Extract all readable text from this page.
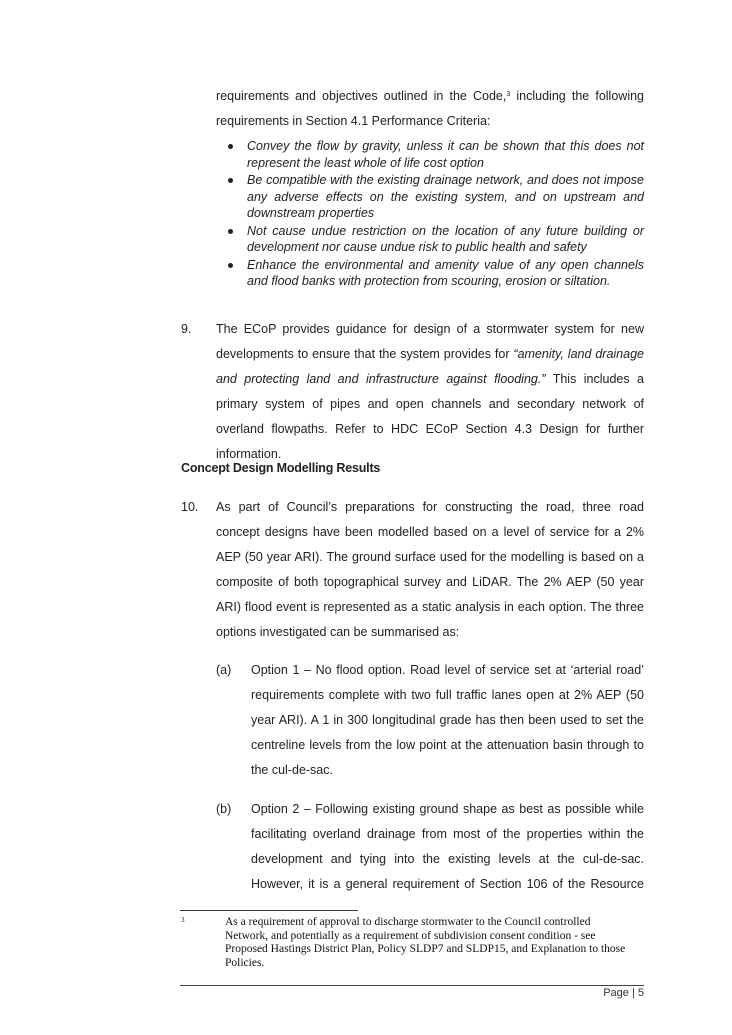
requirements and objectives outlined in the Code,$^3$ including the following requirements in Section 4.1 Performance Criteria:

Convey the flow by gravity, unless it can be shown that this does not represent the least whole of life cost option
Be compatible with the existing drainage network, and does not impose any adverse effects on the existing system, and on upstream and downstream properties
Not cause undue restriction on the location of any future building or development nor cause undue risk to public health and safety
Enhance the environmental and amenity value of any open channels and flood banks with protection from scouring, erosion or siltation.
9. The ECoP provides guidance for design of a stormwater system for new developments to ensure that the system provides for “amenity, land drainage and protecting land and infrastructure against flooding.” This includes a primary system of pipes and open channels and secondary network of overland flowpaths. Refer to HDC ECoP Section 4.3 Design for further information.

Concept Design Modelling Results
10. As part of Council’s preparations for constructing the road, three road concept designs have been modelled based on a level of service for a 2% AEP (50 year ARI). The ground surface used for the modelling is based on a composite of both topographical survey and LiDAR. The 2% AEP (50 year ARI) flood event is represented as a static analysis in each option. The three options investigated can be summarised as:

(a) Option 1 – No flood option. Road level of service set at ‘arterial road’ requirements complete with two full traffic lanes open at 2% AEP (50 year ARI). A 1 in 300 longitudinal grade has then been used to set the centreline levels from the low point at the attenuation basin through to the cul-de-sac.

(b) Option 2 – Following existing ground shape as best as possible while facilitating overland drainage from most of the properties within the development and tying into the existing levels at the cul-de-sac. However, it is a general requirement of Section 106 of the Resource

3	As a requirement of approval to discharge stormwater to the Council controlled Network, and potentially as a requirement of subdivision consent condition - see Proposed Hastings District Plan, Policy SLDP7 and SLDP15, and Explanation to those Policies.
Page | 5
